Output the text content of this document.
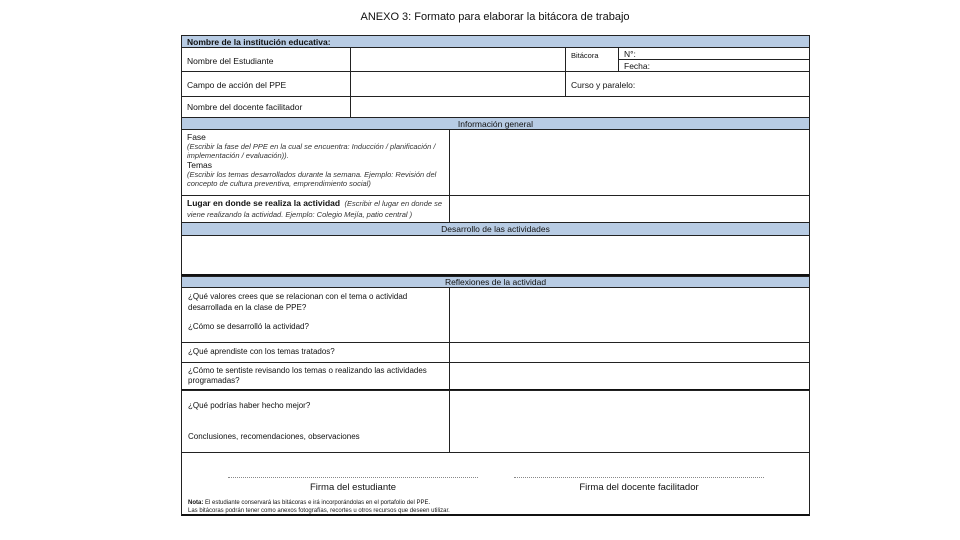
ANEXO 3: Formato para elaborar la bitácora de trabajo
Nombre de la institución educativa:
Nombre del Estudiante
Bitácora	N°:
Fecha:
Campo de acción del PPE	Curso y paralelo:
Nombre del docente facilitador
Información general
Fase
(Escribir la fase del PPE en la cual se encuentra: Inducción / planificación / implementación / evaluación)).
Temas
(Escribir los temas desarrollados durante la semana. Ejemplo: Revisión del concepto de cultura preventiva, emprendimiento social)
Lugar en donde se realiza la actividad (Escribir el lugar en donde se viene realizando la actividad. Ejemplo: Colegio Mejía, patio central )
Desarrollo de las actividades
Reflexiones de la actividad
¿Qué valores crees que se relacionan con el tema o actividad desarrollada en la clase de PPE?
¿Cómo se desarrolló la actividad?
¿Qué aprendiste con los temas tratados?
¿Cómo te sentiste revisando los temas o realizando las actividades programadas?
¿Qué podrías haber hecho mejor?
Conclusiones, recomendaciones, observaciones
Firma del estudiante	Firma del docente facilitador
Nota: El estudiante conservará las bitácoras e irá incorporándolas en el portafolio del PPE.
Las bitácoras podrán tener como anexos fotografías, recortes u otros recursos que deseen utilizar.
